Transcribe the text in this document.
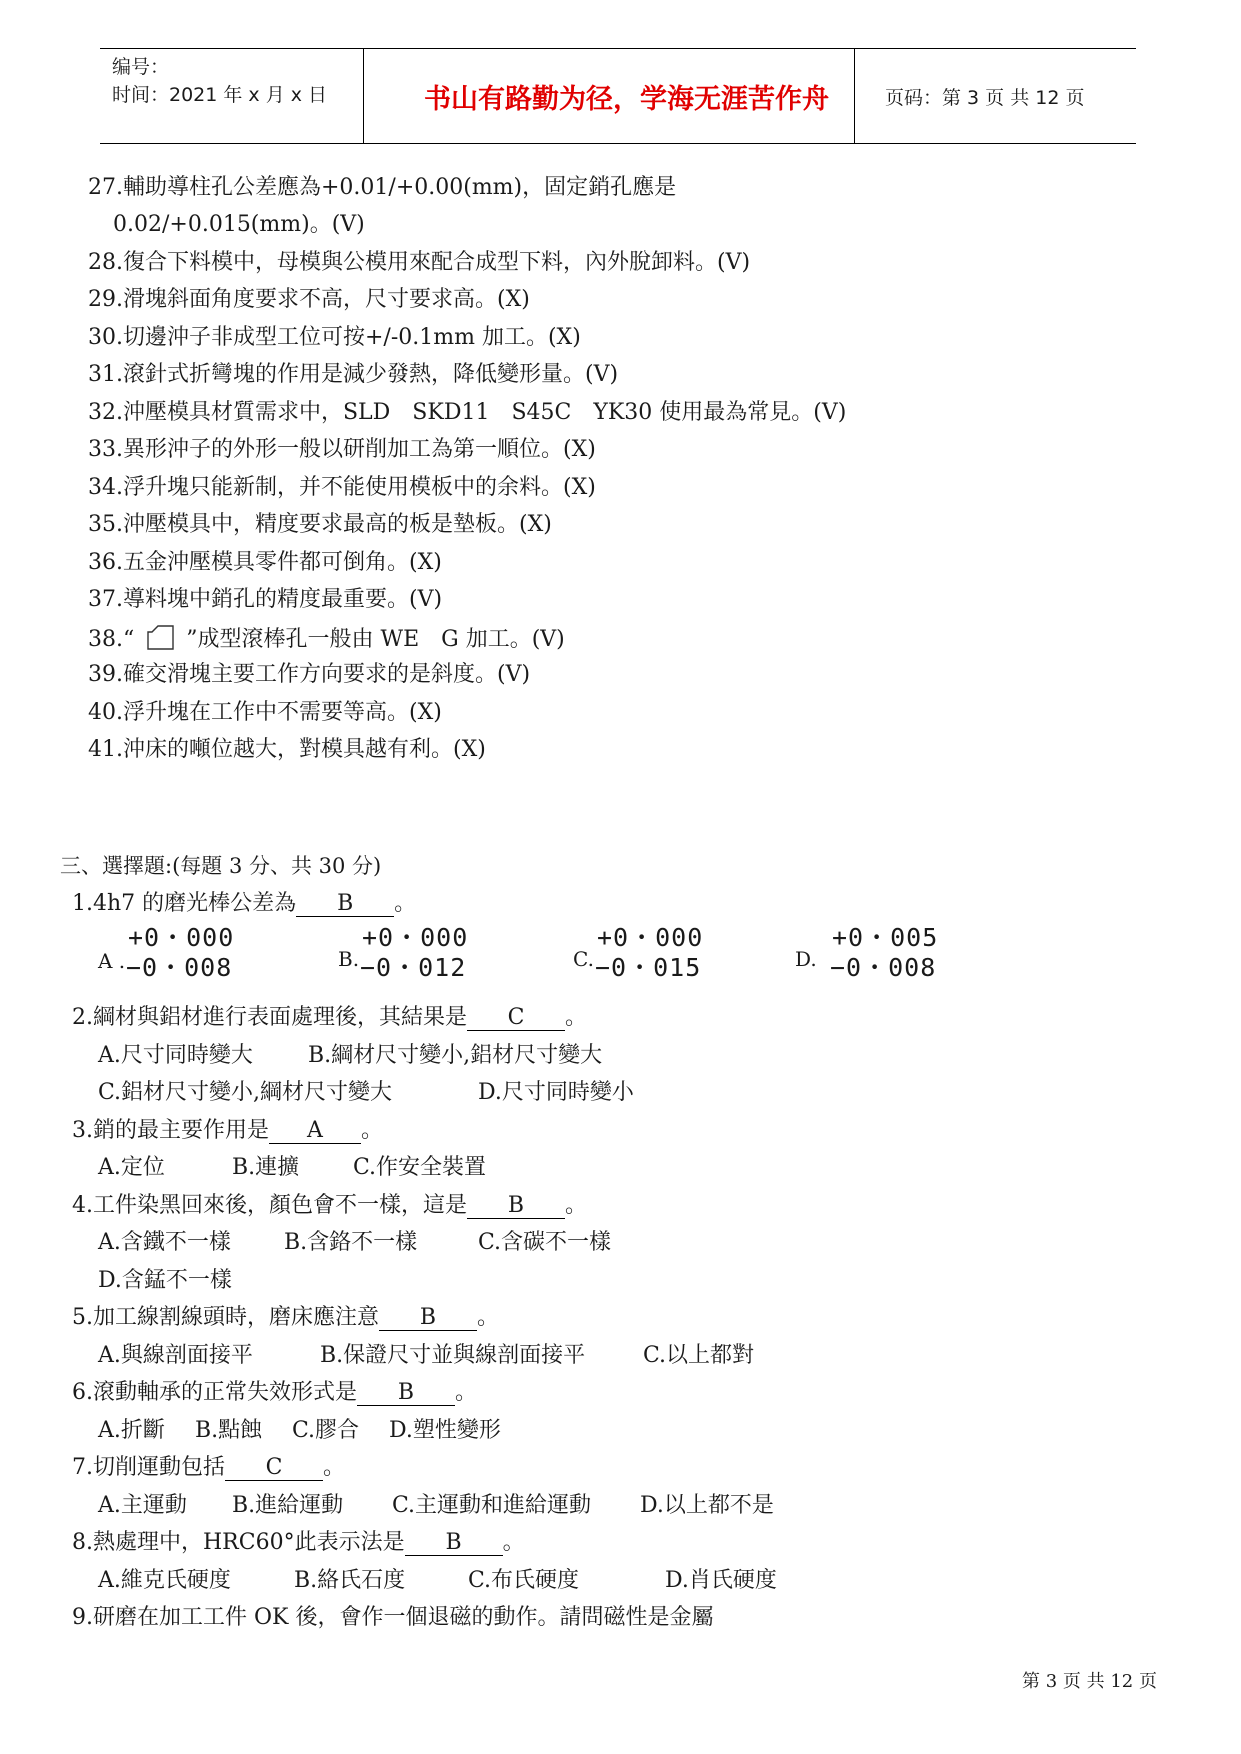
编号：
时间：2021 年 x 月 x 日	书山有路勤为径，学海无涯苦作舟	页码：第 3 页 共 12 页
27.輔助導柱孔公差應為+0.01/+0.00(mm)，固定銷孔應是
0.02/+0.015(mm)。(V)
28.復合下料模中，母模與公模用來配合成型下料，內外脫卸料。(V)
29.滑塊斜面角度要求不高，尺寸要求高。(X)
30.切邊沖子非成型工位可按+/-0.1mm 加工。(X)
31.滾針式折彎塊的作用是減少發熱，降低變形量。(V)
32.沖壓模具材質需求中，SLD　SKD11　S45C　YK30 使用最為常見。(V)
33.異形沖子的外形一般以研削加工為第一順位。(X)
34.浮升塊只能新制，并不能使用模板中的余料。(X)
35.沖壓模具中，精度要求最高的板是墊板。(X)
36.五金沖壓模具零件都可倒角。(X)
37.導料塊中銷孔的精度最重要。(V)
38.“ ”成型滾棒孔一般由 WE　G 加工。(V)
39.確交滑塊主要工作方向要求的是斜度。(V)
40.浮升塊在工作中不需要等高。(X)
41.沖床的噸位越大，對模具越有利。(X)
三、選擇題:(每題 3 分、共 30 分)
1.4h7 的磨光棒公差為 B 。
+0・000
A . −0・008
+0・000
B. −0・012
+0・000
C. −0・015
+0・005
D. −0・008
2.綱材與鋁材進行表面處理後，其結果是 C 。
A.尺寸同時變大	B.綱材尺寸變小,鋁材尺寸變大
C.鋁材尺寸變小,綱材尺寸變大	D.尺寸同時變小
3.銷的最主要作用是 A 。
A.定位	B.連擴 C.作安全裝置
4.工件染黑回來後，顏色會不一樣，這是 B 。
A.含鐵不一樣 B.含鉻不一樣	C.含碳不一樣
D.含錳不一樣
5.加工線割線頭時，磨床應注意 B 。
A.與線剖面接平	B.保證尺寸並與線剖面接平	C.以上都對
6.滾動軸承的正常失效形式是 B 。
A.折斷 B.點蝕 C.膠合 D.塑性變形
7.切削運動包括 C 。
A.主運動 B.進給運動 C.主運動和進給運動 D.以上都不是
8.熱處理中，HRC60°此表示法是 B 。
A.維克氏硬度	B.絡氏石度	C.布氏硬度	D.肖氏硬度
9.研磨在加工工件 OK 後，會作一個退磁的動作。請問磁性是金屬
第 3 页 共 12 页
